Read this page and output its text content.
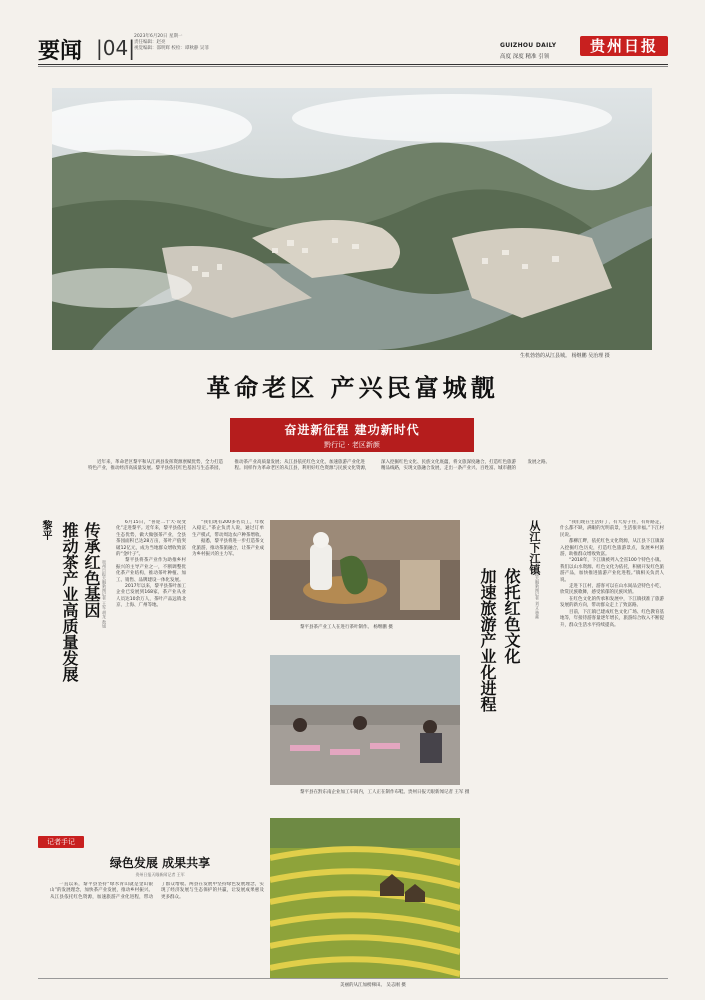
要闻 |04| 2023年6月20日 星期一
责任编辑：赵亮
视觉编辑：邵明辉 校检：谭秋静 吴菲	GUIZHOU DAILY
高度 深度 精准 引领
贵州日报
生机勃勃的从江县城。 杨继鹏 吴治理 摄
革命老区 产兴民富城靓
奋进新征程 建功新时代
黔行记 · 老区新颜
近年来，革命老区黎平和从江两县发挥资源禀赋优势，全力打造特色产业，推动经济高质量发展。黎平县依托红色基因与生态茶园，推动茶产业高质量发展；从江县依托红色文化，加速旅游产业化进程。同样作为革命老区的从江县，利用好红色资源与民族文化资源，深入挖掘红色文化、民族文化底蕴，将文旅深度融合，打造红色旅游精品线路，实现文旅融合发展，走出一条产业兴、百姓富、城市靓的发展之路。
黎平 传承红色基因
推动茶产业高质量发展	贵州日报天眼新闻记者 王军 胡龙 敖旭

6月15日，“喜迎二十大·说变化”走进黎平。近年来，黎平县依托生态优势，做大做强茶产业，全县茶园面积已达28万亩，茶叶产值突破12亿元，成为当地群众增收致富的“金叶子”。

黎平县将茶产业作为助推乡村振兴的主导产业之一，不断调整优化茶产业结构，推动茶叶种植、加工、销售、品牌建设一体化发展。

2017年以来，黎平县茶叶加工企业已发展到168家，茶产业从业人员达10余万人，茶叶产品远销北京、上海、广州等地。

“我们现有200多名员工，年收入稳定。”茶企负责人说，通过订单生产模式，带动周边农户种茶增收。

据悉，黎平县将进一步打造茶文化旅游，推动茶旅融合，让茶产业成为乡村振兴的主力军。

黎平县茶产业工人在进行茶叶制作。 杨继鹏 摄
黎平县在黔东南企业加工车间内，工人正在制作布鞋。贵州日报天眼新闻记者 王军 摄
美丽的从江加榜梯田。 吴志刚 摄
从江下江镇
依托红色文化
加速旅游产业化进程	贵州日报天眼新闻记者 刘义 骆鑫

“我们现在生活好了，有大房子住，有好路走，什么都不缺，满眼的光明前景，生活很幸福。”下江村民说。

都柳江畔，依托红色文化资源，从江县下江镇深入挖掘红色历史，打造红色旅游景点，发展乡村旅游，助推群众增收致富。

“2018年，下江镇被列入全省100个特色小镇。我们以山水资源、红色文化为依托，积极开发红色旅游产品，加快推进旅游产业化进程。”镇相关负责人说。

走进下江村，游客可以在山水间品尝特色小吃，欣赏民族歌舞，感受浓郁的民族风情。

在红色文化的传承和发展中，下江镇找准了旅游发展的新方向，带动群众走上了致富路。

目前，下江镇已建成红色文化广场、红色教育基地等，年接待游客量逐年增长，旅游综合收入不断提升，群众生活水平持续提高。

记者手记
绿色发展 成果共享
贵州日报天眼新闻记者 王军

一直以来，黎平县坚持“绿水青山就是金山银山”的发展理念，加快茶产业发展，推动乡村振兴。从江县依托红色资源，加速旅游产业化进程，带动了群众增收。两县在发展中坚持绿色发展理念，实现了经济发展与生态保护的共赢，让发展成果惠及更多群众。
